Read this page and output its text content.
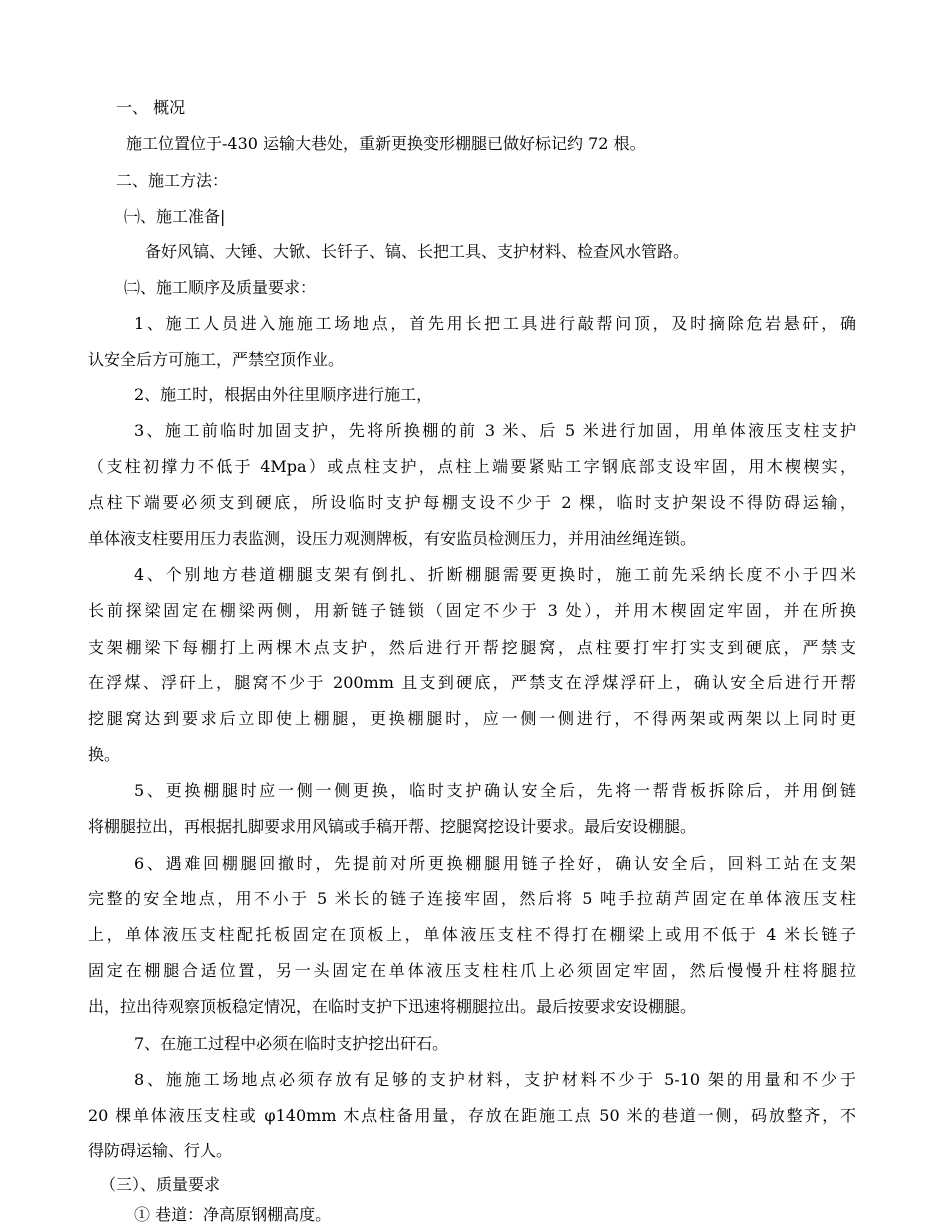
一、 概况
施工位置位于-430 运输大巷处，重新更换变形棚腿已做好标记约 72 根。
二、施工方法：
㈠、施工准备|
备好风镐、大锤、大锨、长钎子、镐、长把工具、支护材料、检查风水管路。
㈡、施工顺序及质量要求：
1、施工人员进入施施工场地点，首先用长把工具进行敲帮问顶，及时摘除危岩悬矸，确
认安全后方可施工，严禁空顶作业。
2、施工时，根据由外往里顺序进行施工，
3、施工前临时加固支护，先将所换棚的前 3 米、后 5 米进行加固，用单体液压支柱支护
（支柱初撑力不低于 4Mpa）或点柱支护，点柱上端要紧贴工字钢底部支设牢固，用木楔楔实，
点柱下端要必须支到硬底，所设临时支护每棚支设不少于 2 棵，临时支护架设不得防碍运输，
单体液支柱要用压力表监测，设压力观测牌板，有安监员检测压力，并用油丝绳连锁。
4、个别地方巷道棚腿支架有倒扎、折断棚腿需要更换时，施工前先采纳长度不小于四米
长前探梁固定在棚梁两侧，用新链子链锁（固定不少于 3 处），并用木楔固定牢固，并在所换
支架棚梁下每棚打上两棵木点支护，然后进行开帮挖腿窝，点柱要打牢打实支到硬底，严禁支
在浮煤、浮矸上，腿窝不少于 200mm 且支到硬底，严禁支在浮煤浮矸上，确认安全后进行开帮
挖腿窝达到要求后立即使上棚腿，更换棚腿时，应一侧一侧进行，不得两架或两架以上同时更
换。
5、更换棚腿时应一侧一侧更换，临时支护确认安全后，先将一帮背板拆除后，并用倒链
将棚腿拉出，再根据扎脚要求用风镐或手稿开帮、挖腿窝挖设计要求。最后安设棚腿。
6、遇难回棚腿回撤时，先提前对所更换棚腿用链子拴好，确认安全后，回料工站在支架
完整的安全地点，用不小于 5 米长的链子连接牢固，然后将 5 吨手拉葫芦固定在单体液压支柱
上，单体液压支柱配托板固定在顶板上，单体液压支柱不得打在棚梁上或用不低于 4 米长链子
固定在棚腿合适位置，另一头固定在单体液压支柱柱爪上必须固定牢固，然后慢慢升柱将腿拉
出，拉出待观察顶板稳定情况，在临时支护下迅速将棚腿拉出。最后按要求安设棚腿。
7、在施工过程中必须在临时支护挖出矸石。
8、施施工场地点必须存放有足够的支护材料，支护材料不少于 5-10 架的用量和不少于
20 棵单体液压支柱或 φ140mm 木点柱备用量，存放在距施工点 50 米的巷道一侧，码放整齐，不
得防碍运输、行人。
（三）、质量要求
① 巷道：净高原钢棚高度。
